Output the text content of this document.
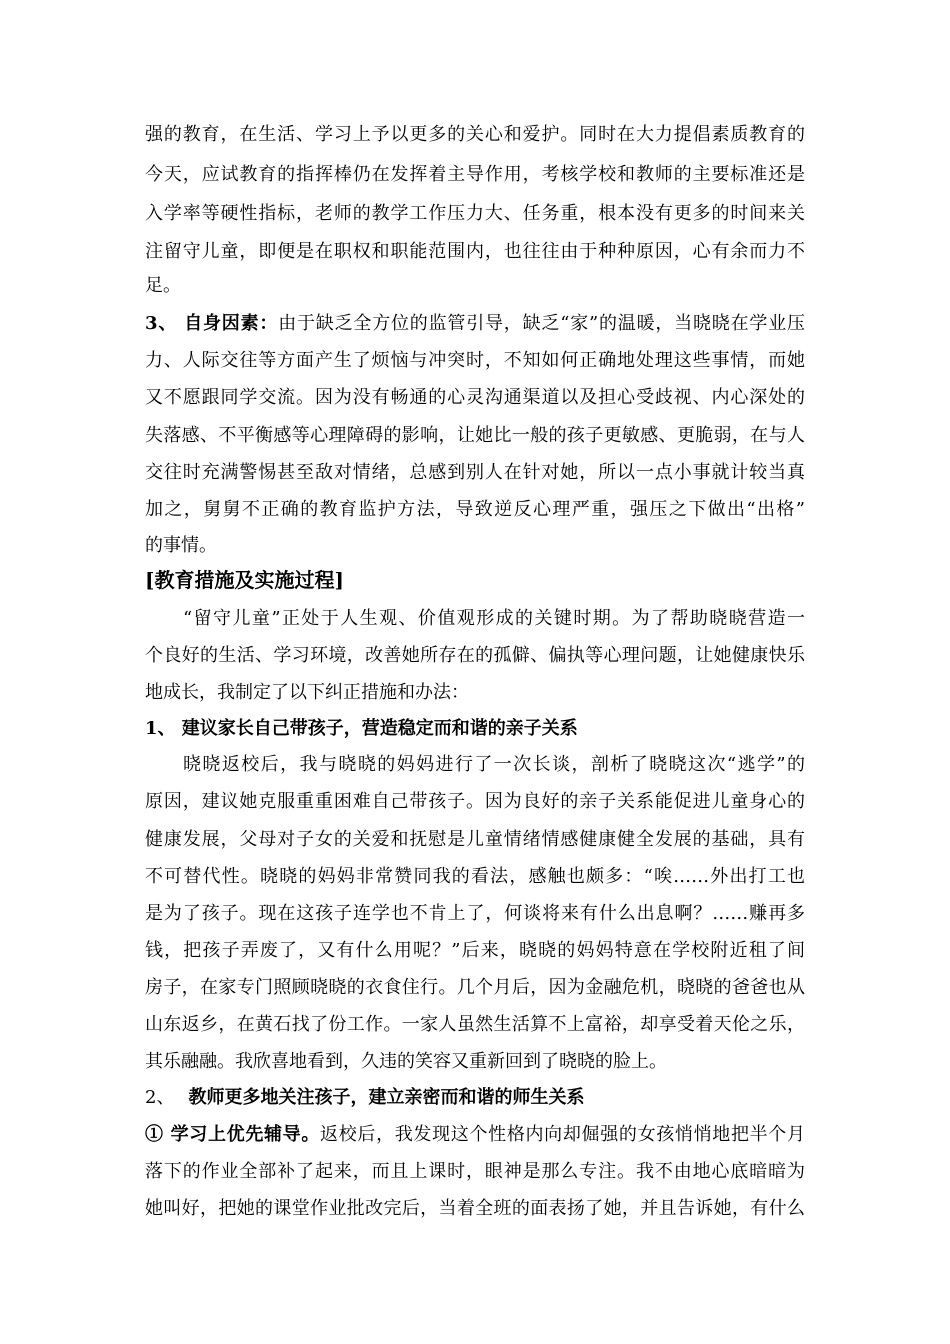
强的教育，在生活、学习上予以更多的关心和爱护。同时在大力提倡素质教育的
今天，应试教育的指挥棒仍在发挥着主导作用，考核学校和教师的主要标准还是
入学率等硬性指标，老师的教学工作压力大、任务重，根本没有更多的时间来关
注留守儿童，即便是在职权和职能范围内，也往往由于种种原因，心有余而力不
足。
3、 自身因素：由于缺乏全方位的监管引导，缺乏“家”的温暖，当晓晓在学业压
力、人际交往等方面产生了烦恼与冲突时，不知如何正确地处理这些事情，而她
又不愿跟同学交流。因为没有畅通的心灵沟通渠道以及担心受歧视、内心深处的
失落感、不平衡感等心理障碍的影响，让她比一般的孩子更敏感、更脆弱，在与人
交往时充满警惕甚至敌对情绪，总感到别人在针对她，所以一点小事就计较当真
加之，舅舅不正确的教育监护方法，导致逆反心理严重，强压之下做出“出格”
的事情。
[教育措施及实施过程]
“留守儿童”正处于人生观、价值观形成的关键时期。为了帮助晓晓营造一
个良好的生活、学习环境，改善她所存在的孤僻、偏执等心理问题，让她健康快乐
地成长，我制定了以下纠正措施和办法：
1、 建议家长自己带孩子，营造稳定而和谐的亲子关系
晓晓返校后，我与晓晓的妈妈进行了一次长谈，剖析了晓晓这次“逃学”的
原因，建议她克服重重困难自己带孩子。因为良好的亲子关系能促进儿童身心的
健康发展，父母对子女的关爱和抚慰是儿童情绪情感健康健全发展的基础，具有
不可替代性。晓晓的妈妈非常赞同我的看法，感触也颇多：“唉……外出打工也
是为了孩子。现在这孩子连学也不肯上了，何谈将来有什么出息啊？……赚再多
钱，把孩子弄废了，又有什么用呢？”后来，晓晓的妈妈特意在学校附近租了间
房子，在家专门照顾晓晓的衣食住行。几个月后，因为金融危机，晓晓的爸爸也从
山东返乡，在黄石找了份工作。一家人虽然生活算不上富裕，却享受着天伦之乐，
其乐融融。我欣喜地看到，久违的笑容又重新回到了晓晓的脸上。
2、 教师更多地关注孩子，建立亲密而和谐的师生关系
① 学习上优先辅导。返校后，我发现这个性格内向却倔强的女孩悄悄地把半个月
落下的作业全部补了起来，而且上课时，眼神是那么专注。我不由地心底暗暗为
她叫好，把她的课堂作业批改完后，当着全班的面表扬了她，并且告诉她，有什么
